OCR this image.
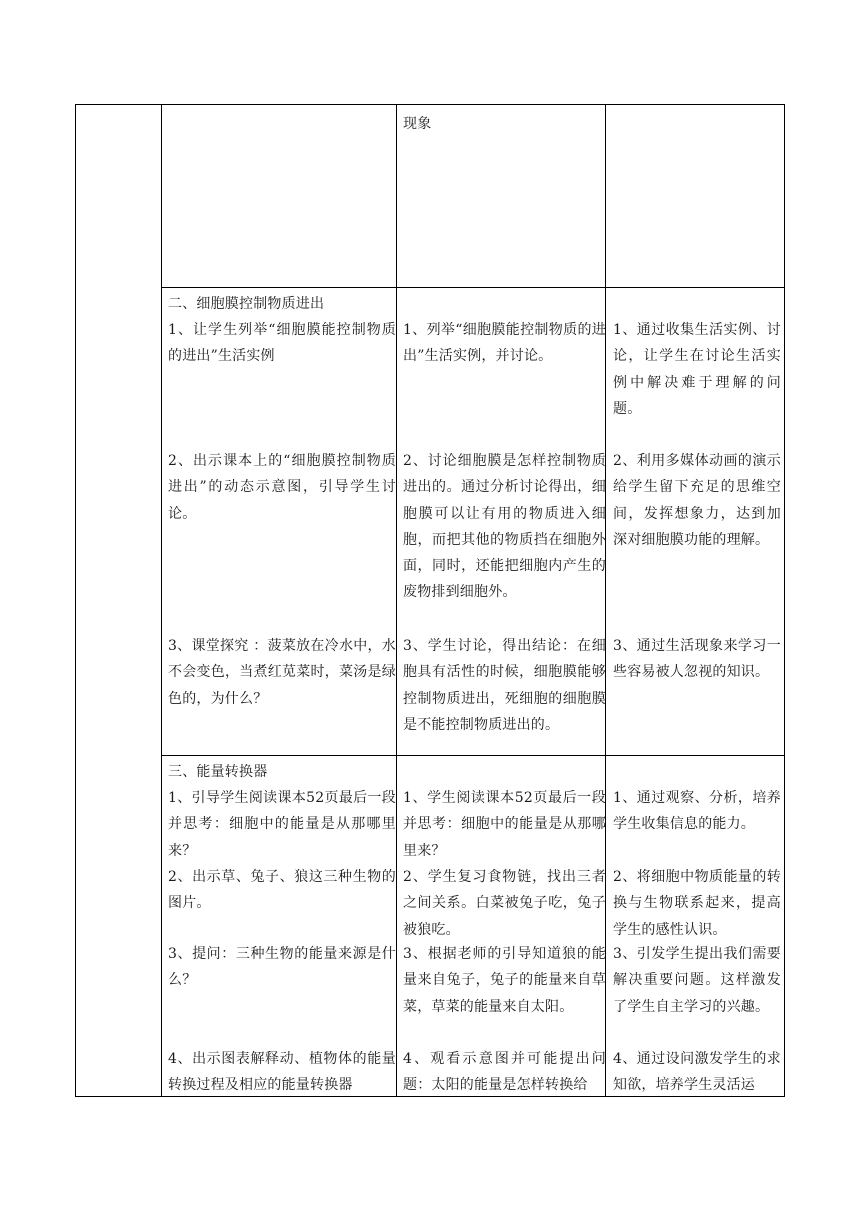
现象
二、细胞膜控制物质进出
1、让学生列举“细胞膜能控制物质的进出”生活实例
2、出示课本上的“细胞膜控制物质进出”的动态示意图，引导学生讨论。
3、课堂探究 ：菠菜放在冷水中，水不会变色，当煮红苋菜时，菜汤是绿色的，为什么？
1、列举“细胞膜能控制物质的进出”生活实例，并讨论。
2、讨论细胞膜是怎样控制物质进出的。通过分析讨论得出，细胞膜可以让有用的物质进入细胞，而把其他的物质挡在细胞外面，同时，还能把细胞内产生的废物排到细胞外。
3、学生讨论，得出结论：在细胞具有活性的时候，细胞膜能够控制物质进出，死细胞的细胞膜是不能控制物质进出的。
1、通过收集生活实例、讨论，让学生在讨论生活实例中解决难于理解的问题。
2、利用多媒体动画的演示给学生留下充足的思维空间，发挥想象力，达到加深对细胞膜功能的理解。
3、通过生活现象来学习一些容易被人忽视的知识。
三、能量转换器
1、引导学生阅读课本52页最后一段并思考：细胞中的能量是从那哪里来？
2、出示草、兔子、狼这三种生物的图片。
3、提问：三种生物的能量来源是什么？
4、出示图表解释动、植物体的能量转换过程及相应的能量转换器
1、学生阅读课本52页最后一段并思考：细胞中的能量是从那哪里来？
2、学生复习食物链，找出三者之间关系。白菜被兔子吃，兔子被狼吃。
3、根据老师的引导知道狼的能量来自兔子，兔子的能量来自草菜，草菜的能量来自太阳。
4、观看示意图并可能提出问题：太阳的能量是怎样转换给
1、通过观察、分析，培养学生收集信息的能力。
2、将细胞中物质能量的转换与生物联系起来，提高学生的感性认识。
3、引发学生提出我们需要解决重要问题。这样激发了学生自主学习的兴趣。
4、通过设问激发学生的求知欲，培养学生灵活运
